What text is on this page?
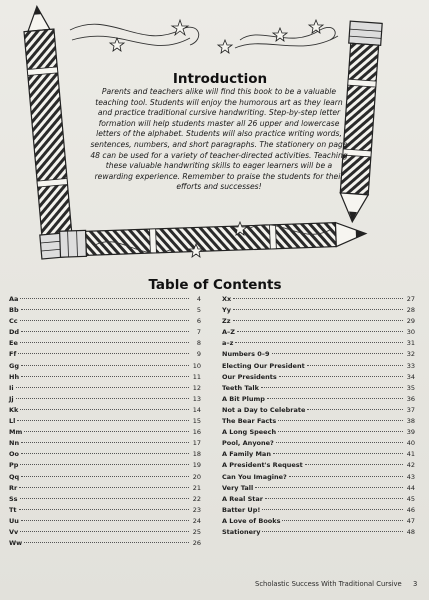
Introduction
Parents and teachers alike will find this book to be a valuable teaching tool. Students will enjoy the humorous art as they learn and practice traditional cursive handwriting. Step-by-step letter formation will help students master all 26 upper and lowercase letters of the alphabet. Students will also practice writing words, sentences, numbers, and short paragraphs. The stationery on page 48 can be used for a variety of teacher-directed activities. Teaching these valuable handwriting skills to eager learners will be a rewarding experience. Remember to praise the students for their efforts and successes!
Table of Contents
Aa	4
Bb	5
Cc	6
Dd	7
Ee	8
Ff	9
Gg	10
Hh	11
Ii	12
Jj	13
Kk	14
Ll	15
Mm	16
Nn	17
Oo	18
Pp	19
Qq	20
Rr	21
Ss	22
Tt	23
Uu	24
Vv	25
Ww	26
Xx	27
Yy	28
Zz	29
A–Z	30
a–z	31
Numbers 0–9	32
Electing Our President	33
Our Presidents	34
Teeth Talk	35
A Bit Plump	36
Not a Day to Celebrate	37
The Bear Facts	38
A Long Speech	39
Pool, Anyone?	40
A Family Man	41
A President's Request	42
Can You Imagine?	43
Very Tall	44
A Real Star	45
Batter Up!	46
A Love of Books	47
Stationery	48
Scholastic Success With Traditional Cursive 3
